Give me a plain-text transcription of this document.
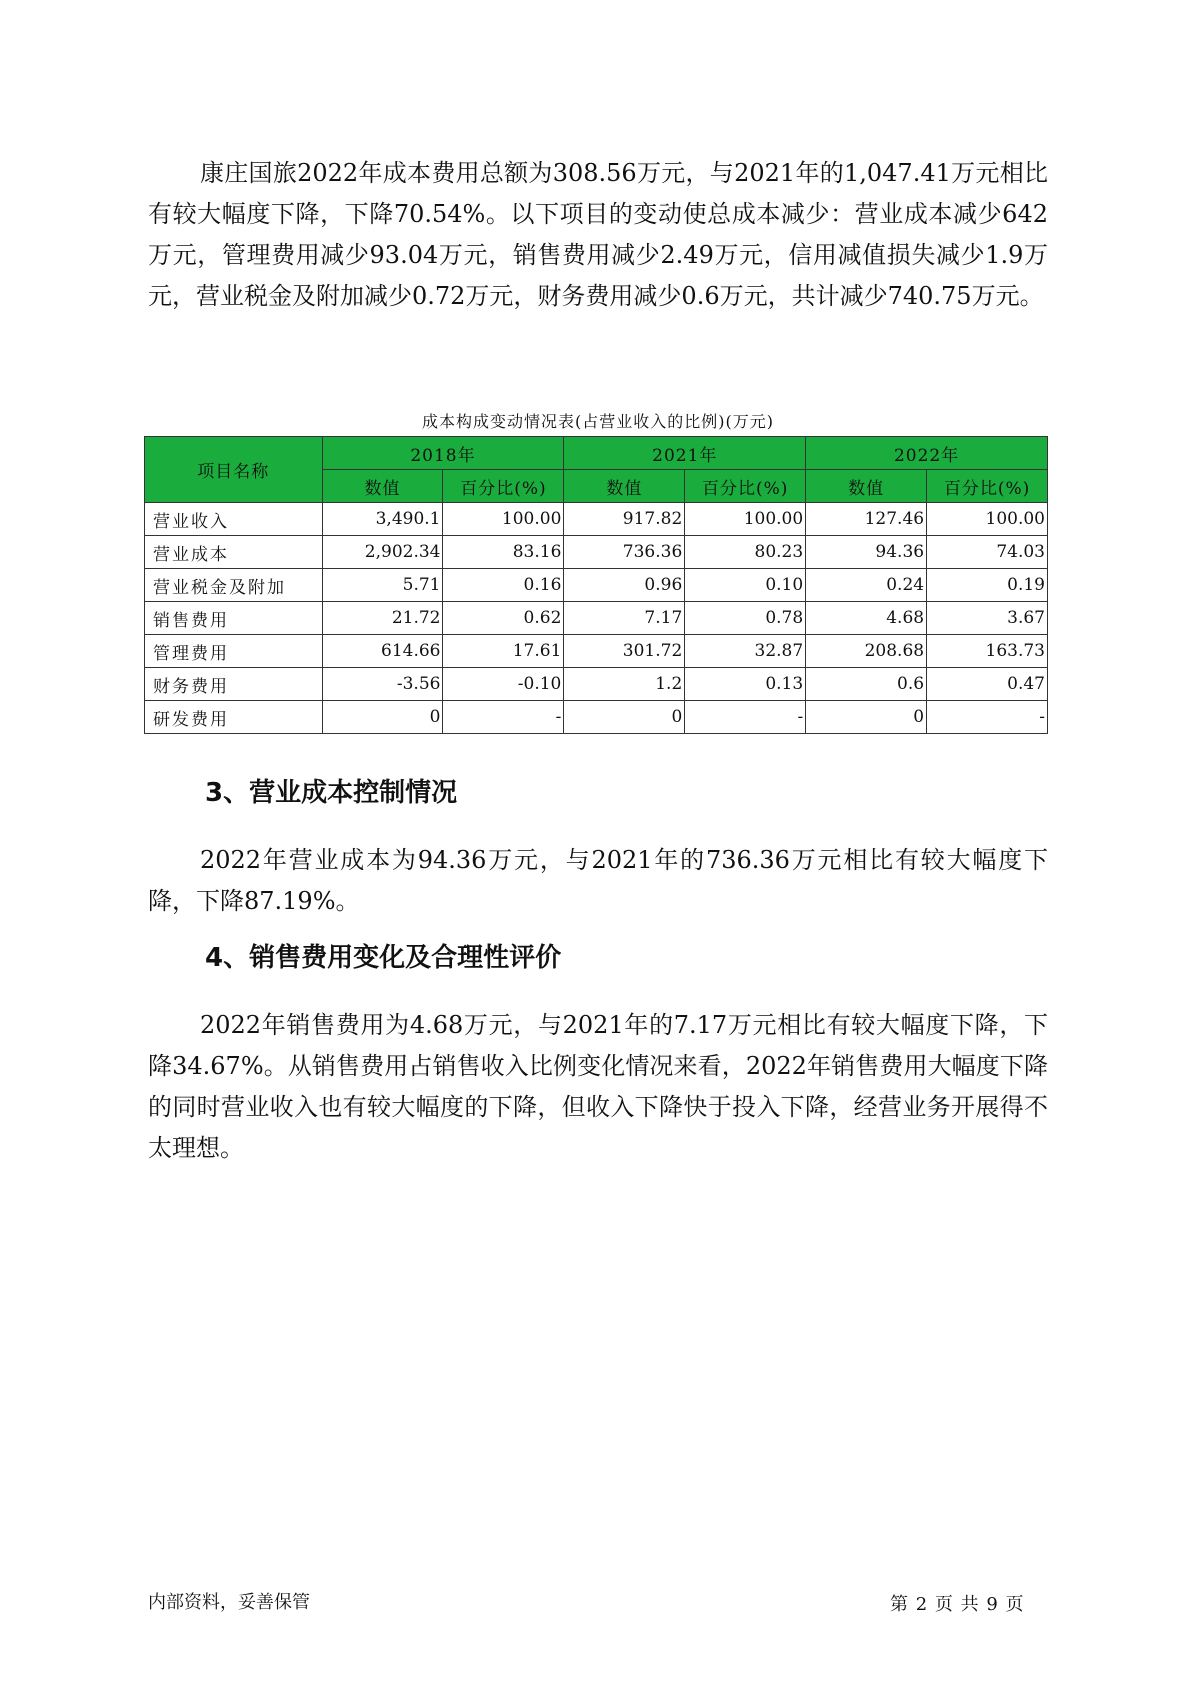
康庄国旅2022年成本费用总额为308.56万元，与2021年的1,047.41万元相比有较大幅度下降，下降70.54%。以下项目的变动使总成本减少：营业成本减少642万元，管理费用减少93.04万元，销售费用减少2.49万元，信用减值损失减少1.9万元，营业税金及附加减少0.72万元，财务费用减少0.6万元，共计减少740.75万元。

成本构成变动情况表(占营业收入的比例)(万元)
项目名称	2018年		2021年		2022年	
	数值	百分比(%)	数值	百分比(%)	数值	百分比(%)
营业收入	3,490.1	100.00	917.82	100.00	127.46	100.00
营业成本	2,902.34	83.16	736.36	80.23	94.36	74.03
营业税金及附加	5.71	0.16	0.96	0.10	0.24	0.19
销售费用	21.72	0.62	7.17	0.78	4.68	3.67
管理费用	614.66	17.61	301.72	32.87	208.68	163.73
财务费用	-3.56	-0.10	1.2	0.13	0.6	0.47
研发费用	0	-	0	-	0	-
3、营业成本控制情况

2022年营业成本为94.36万元，与2021年的736.36万元相比有较大幅度下降，下降87.19%。

4、销售费用变化及合理性评价

2022年销售费用为4.68万元，与2021年的7.17万元相比有较大幅度下降，下降34.67%。从销售费用占销售收入比例变化情况来看，2022年销售费用大幅度下降的同时营业收入也有较大幅度的下降，但收入下降快于投入下降，经营业务开展得不太理想。

内部资料，妥善保管	第 2 页 共 9 页
